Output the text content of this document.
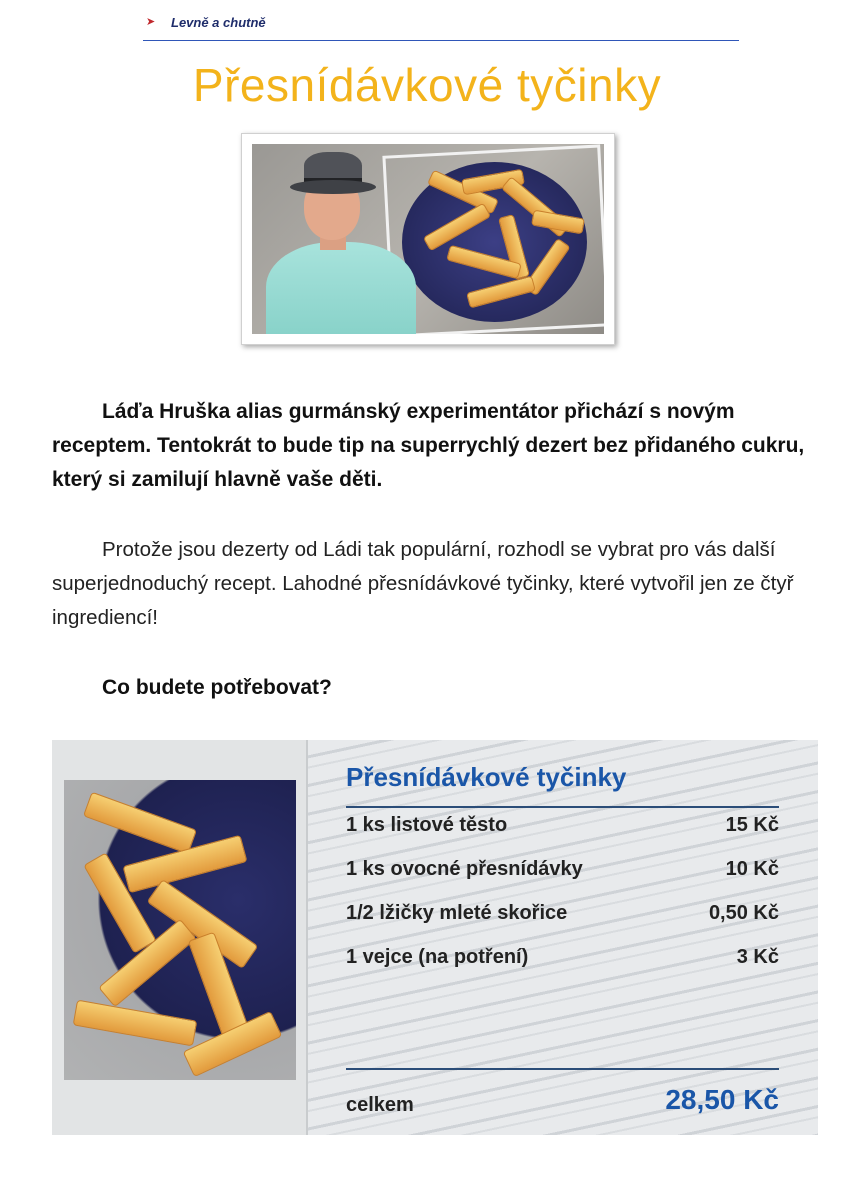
➤ Levně a chutně
Přesnídávkové tyčinky

Láďa Hruška alias gurmánský experimentátor přichází s novým receptem. Tentokrát to bude tip na superrychlý dezert bez přidaného cukru, který si zamilují hlavně vaše děti.

Protože jsou dezerty od Ládi tak populární, rozhodl se vybrat pro vás další superjednoduchý recept. Lahodné přesnídávkové tyčinky, které vytvořil jen ze čtyř ingrediencí!

Co budete potřebovat?

Přesnídávkové tyčinky
1 ks listové těsto	15 Kč
1 ks ovocné přesnídávky	10 Kč
1/2 lžičky mleté skořice	0,50 Kč
1 vejce (na potření)	3 Kč
celkem	28,50 Kč
